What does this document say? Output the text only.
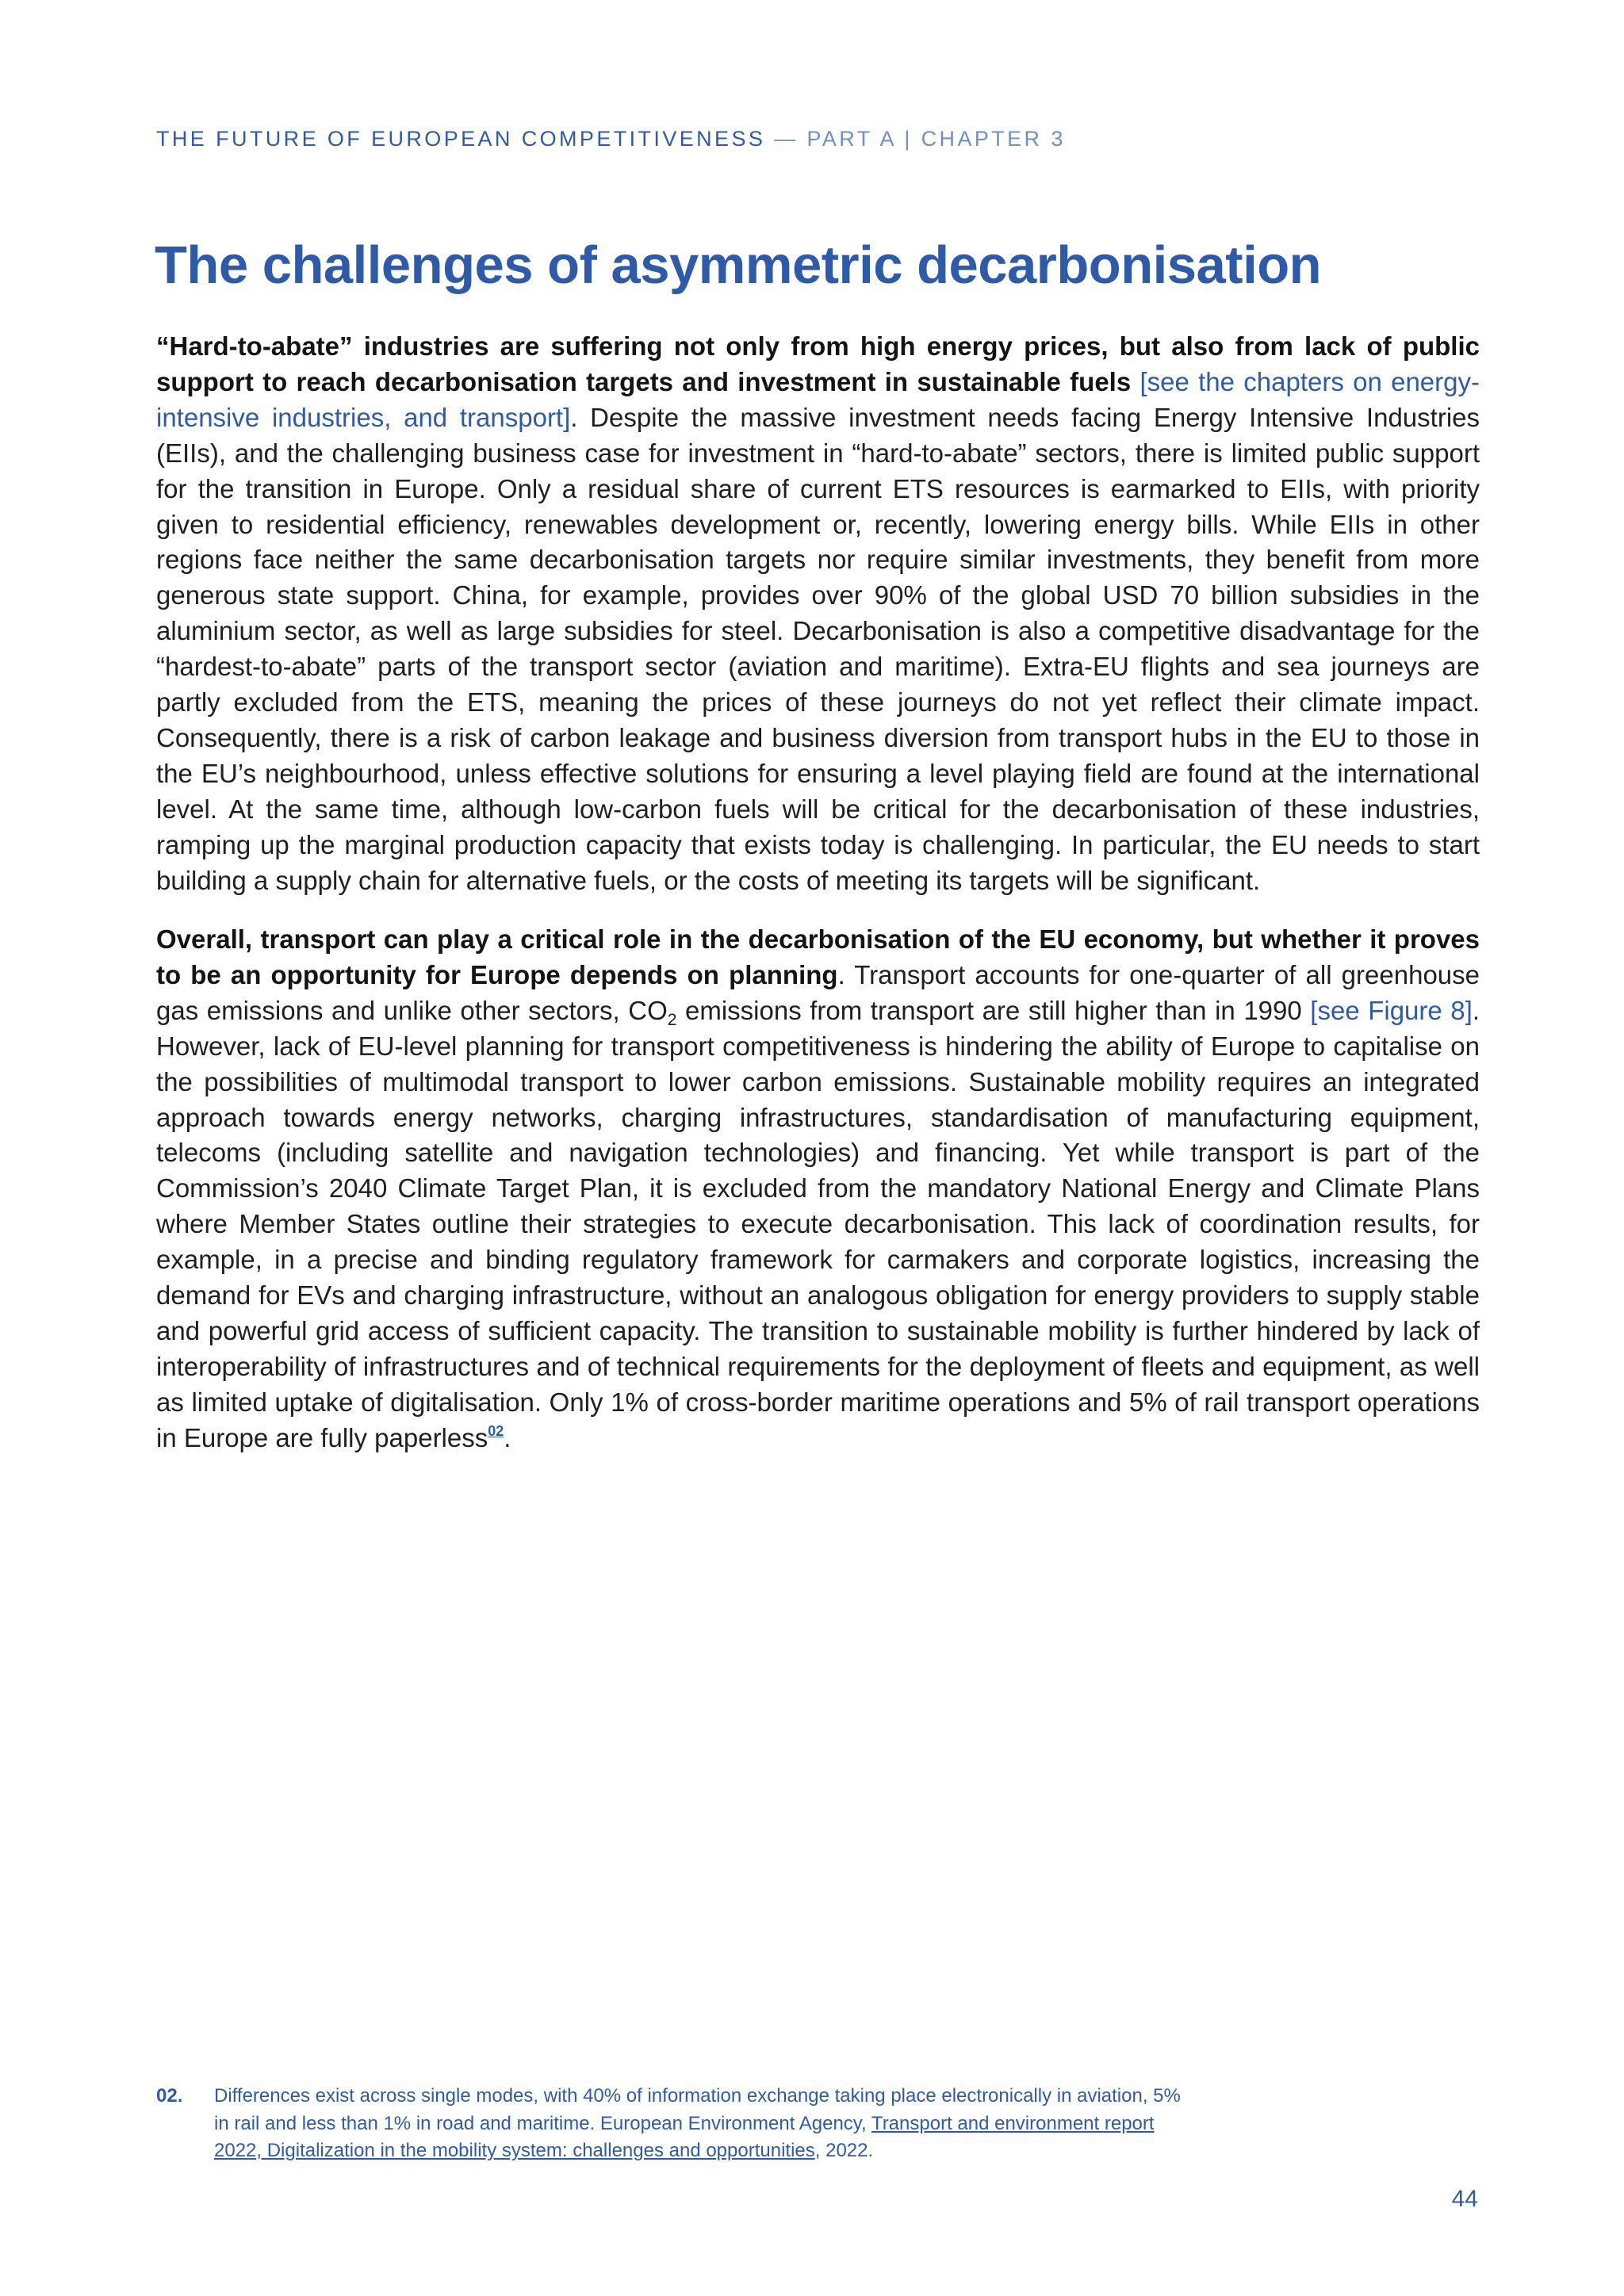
THE FUTURE OF EUROPEAN COMPETITIVENESS — PART A | CHAPTER 3
The challenges of asymmetric decarbonisation

“Hard-to-abate” industries are suffering not only from high energy prices, but also from lack of public support to reach decarbonisation targets and investment in sustainable fuels [see the chapters on energy-intensive industries, and transport]. Despite the massive investment needs facing Energy Intensive Industries (EIIs), and the challenging business case for investment in “hard-to-abate” sectors, there is limited public support for the transition in Europe. Only a residual share of current ETS resources is earmarked to EIIs, with priority given to residential efficiency, renewables development or, recently, lowering energy bills. While EIIs in other regions face neither the same decarbonisation targets nor require similar investments, they benefit from more generous state support. China, for example, provides over 90% of the global USD 70 billion subsidies in the aluminium sector, as well as large subsidies for steel. Decarbonisation is also a competitive disadvantage for the “hardest-to-abate” parts of the transport sector (aviation and maritime). Extra-EU flights and sea journeys are partly excluded from the ETS, meaning the prices of these journeys do not yet reflect their climate impact. Consequently, there is a risk of carbon leakage and business diversion from transport hubs in the EU to those in the EU’s neighbourhood, unless effective solutions for ensuring a level playing field are found at the international level. At the same time, although low-carbon fuels will be critical for the decarbonisation of these industries, ramping up the marginal production capacity that exists today is challenging. In particular, the EU needs to start building a supply chain for alternative fuels, or the costs of meeting its targets will be significant.

Overall, transport can play a critical role in the decarbonisation of the EU economy, but whether it proves to be an opportunity for Europe depends on planning. Transport accounts for one-quarter of all greenhouse gas emissions and unlike other sectors, $CO_2$ emissions from transport are still higher than in 1990 [see Figure 8]. However, lack of EU-level planning for transport competitiveness is hindering the ability of Europe to capitalise on the possibilities of multimodal transport to lower carbon emissions. Sustainable mobility requires an integrated approach towards energy networks, charging infrastructures, standardisation of manufacturing equipment, telecoms (including satellite and navigation technologies) and financing. Yet while transport is part of the Commission’s 2040 Climate Target Plan, it is excluded from the mandatory National Energy and Climate Plans where Member States outline their strategies to execute decarbonisation. This lack of coordination results, for example, in a precise and binding regulatory framework for carmakers and corporate logistics, increasing the demand for EVs and charging infrastructure, without an analogous obligation for energy providers to supply stable and powerful grid access of sufficient capacity. The transition to sustainable mobility is further hindered by lack of interoperability of infrastructures and of technical requirements for the deployment of fleets and equipment, as well as limited uptake of digitalisation. Only 1% of cross-border maritime operations and 5% of rail transport operations in Europe are fully paperless$^{02}$.

02. Differences exist across single modes, with 40% of information exchange taking place electronically in aviation, 5% in rail and less than 1% in road and maritime. European Environment Agency, Transport and environment report 2022, Digitalization in the mobility system: challenges and opportunities, 2022.
44
